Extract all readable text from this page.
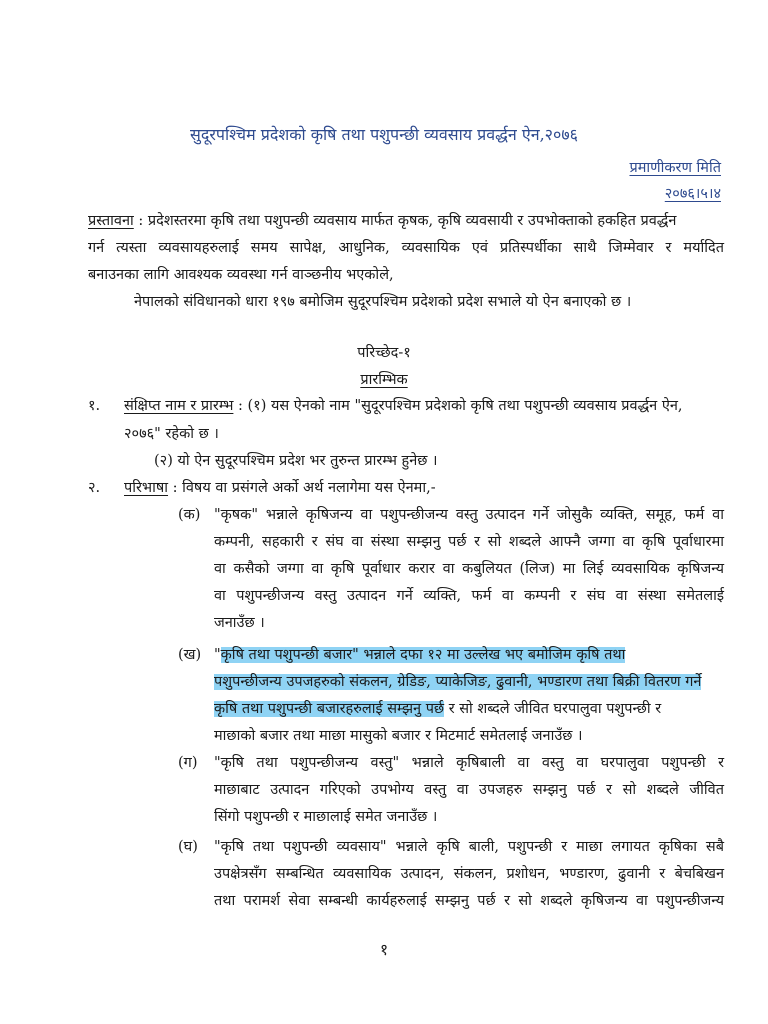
सुदूरपश्चिम प्रदेशको कृषि तथा पशुपन्छी व्यवसाय प्रवर्द्धन ऐन,२०७६
प्रमाणीकरण मिति
२०७६।५।४
प्रस्तावना : प्रदेशस्तरमा कृषि तथा पशुपन्छी व्यवसाय मार्फत कृषक, कृषि व्यवसायी र उपभोक्ताको हकहित प्रवर्द्धन
गर्न त्यस्ता व्यवसायहरुलाई समय सापेक्ष, आधुनिक, व्यवसायिक एवं प्रतिस्पर्धीका साथै जिम्मेवार र मर्यादित
बनाउनका लागि आवश्यक व्यवस्था गर्न वाञ्छनीय भएकोले,
नेपालको संविधानको धारा १९७ बमोजिम सुदूरपश्चिम प्रदेशको प्रदेश सभाले यो ऐन बनाएको छ ।
परिच्छेद-१
प्रारम्भिक
१. संक्षिप्त नाम र प्रारम्भ : (१) यस ऐनको नाम "सुदूरपश्चिम प्रदेशको कृषि तथा पशुपन्छी व्यवसाय प्रवर्द्धन ऐन,
२०७६" रहेको छ ।
(२) यो ऐन सुदूरपश्चिम प्रदेश भर तुरुन्त प्रारम्भ हुनेछ ।
२. परिभाषा : विषय वा प्रसंगले अर्को अर्थ नलागेमा यस ऐनमा,-
(क) "कृषक" भन्नाले कृषिजन्य वा पशुपन्छीजन्य वस्तु उत्पादन गर्ने जोसुकै व्यक्ति, समूह, फर्म वा
कम्पनी, सहकारी र संघ वा संस्था सम्झनु पर्छ र सो शब्दले आफ्नै जग्गा वा कृषि पूर्वाधारमा
वा कसैको जग्गा वा कृषि पूर्वाधार करार वा कबुलियत (लिज) मा लिई व्यवसायिक कृषिजन्य
वा पशुपन्छीजन्य वस्तु उत्पादन गर्ने व्यक्ति, फर्म वा कम्पनी र संघ वा संस्था समेतलाई
जनाउँछ ।
(ख) "कृषि तथा पशुपन्छी बजार" भन्नाले दफा १२ मा उल्लेख भए बमोजिम कृषि तथा
पशुपन्छीजन्य उपजहरुको संकलन, ग्रेडिङ, प्याकेजिङ, ढुवानी, भण्डारण तथा बिक्री वितरण गर्ने
कृषि तथा पशुपन्छी बजारहरुलाई सम्झनु पर्छ र सो शब्दले जीवित घरपालुवा पशुपन्छी र
माछाको बजार तथा माछा मासुको बजार र मिटमार्ट समेतलाई जनाउँछ ।
(ग) "कृषि तथा पशुपन्छीजन्य वस्तु" भन्नाले कृषिबाली वा वस्तु वा घरपालुवा पशुपन्छी र
माछाबाट उत्पादन गरिएको उपभोग्य वस्तु वा उपजहरु सम्झनु पर्छ र सो शब्दले जीवित
सिंगो पशुपन्छी र माछालाई समेत जनाउँछ ।
(घ) "कृषि तथा पशुपन्छी व्यवसाय" भन्नाले कृषि बाली, पशुपन्छी र माछा लगायत कृषिका सबै
उपक्षेत्रसँग सम्बन्धित व्यवसायिक उत्पादन, संकलन, प्रशोधन, भण्डारण, ढुवानी र बेचबिखन
तथा परामर्श सेवा सम्बन्धी कार्यहरुलाई सम्झनु पर्छ र सो शब्दले कृषिजन्य वा पशुपन्छीजन्य
१
